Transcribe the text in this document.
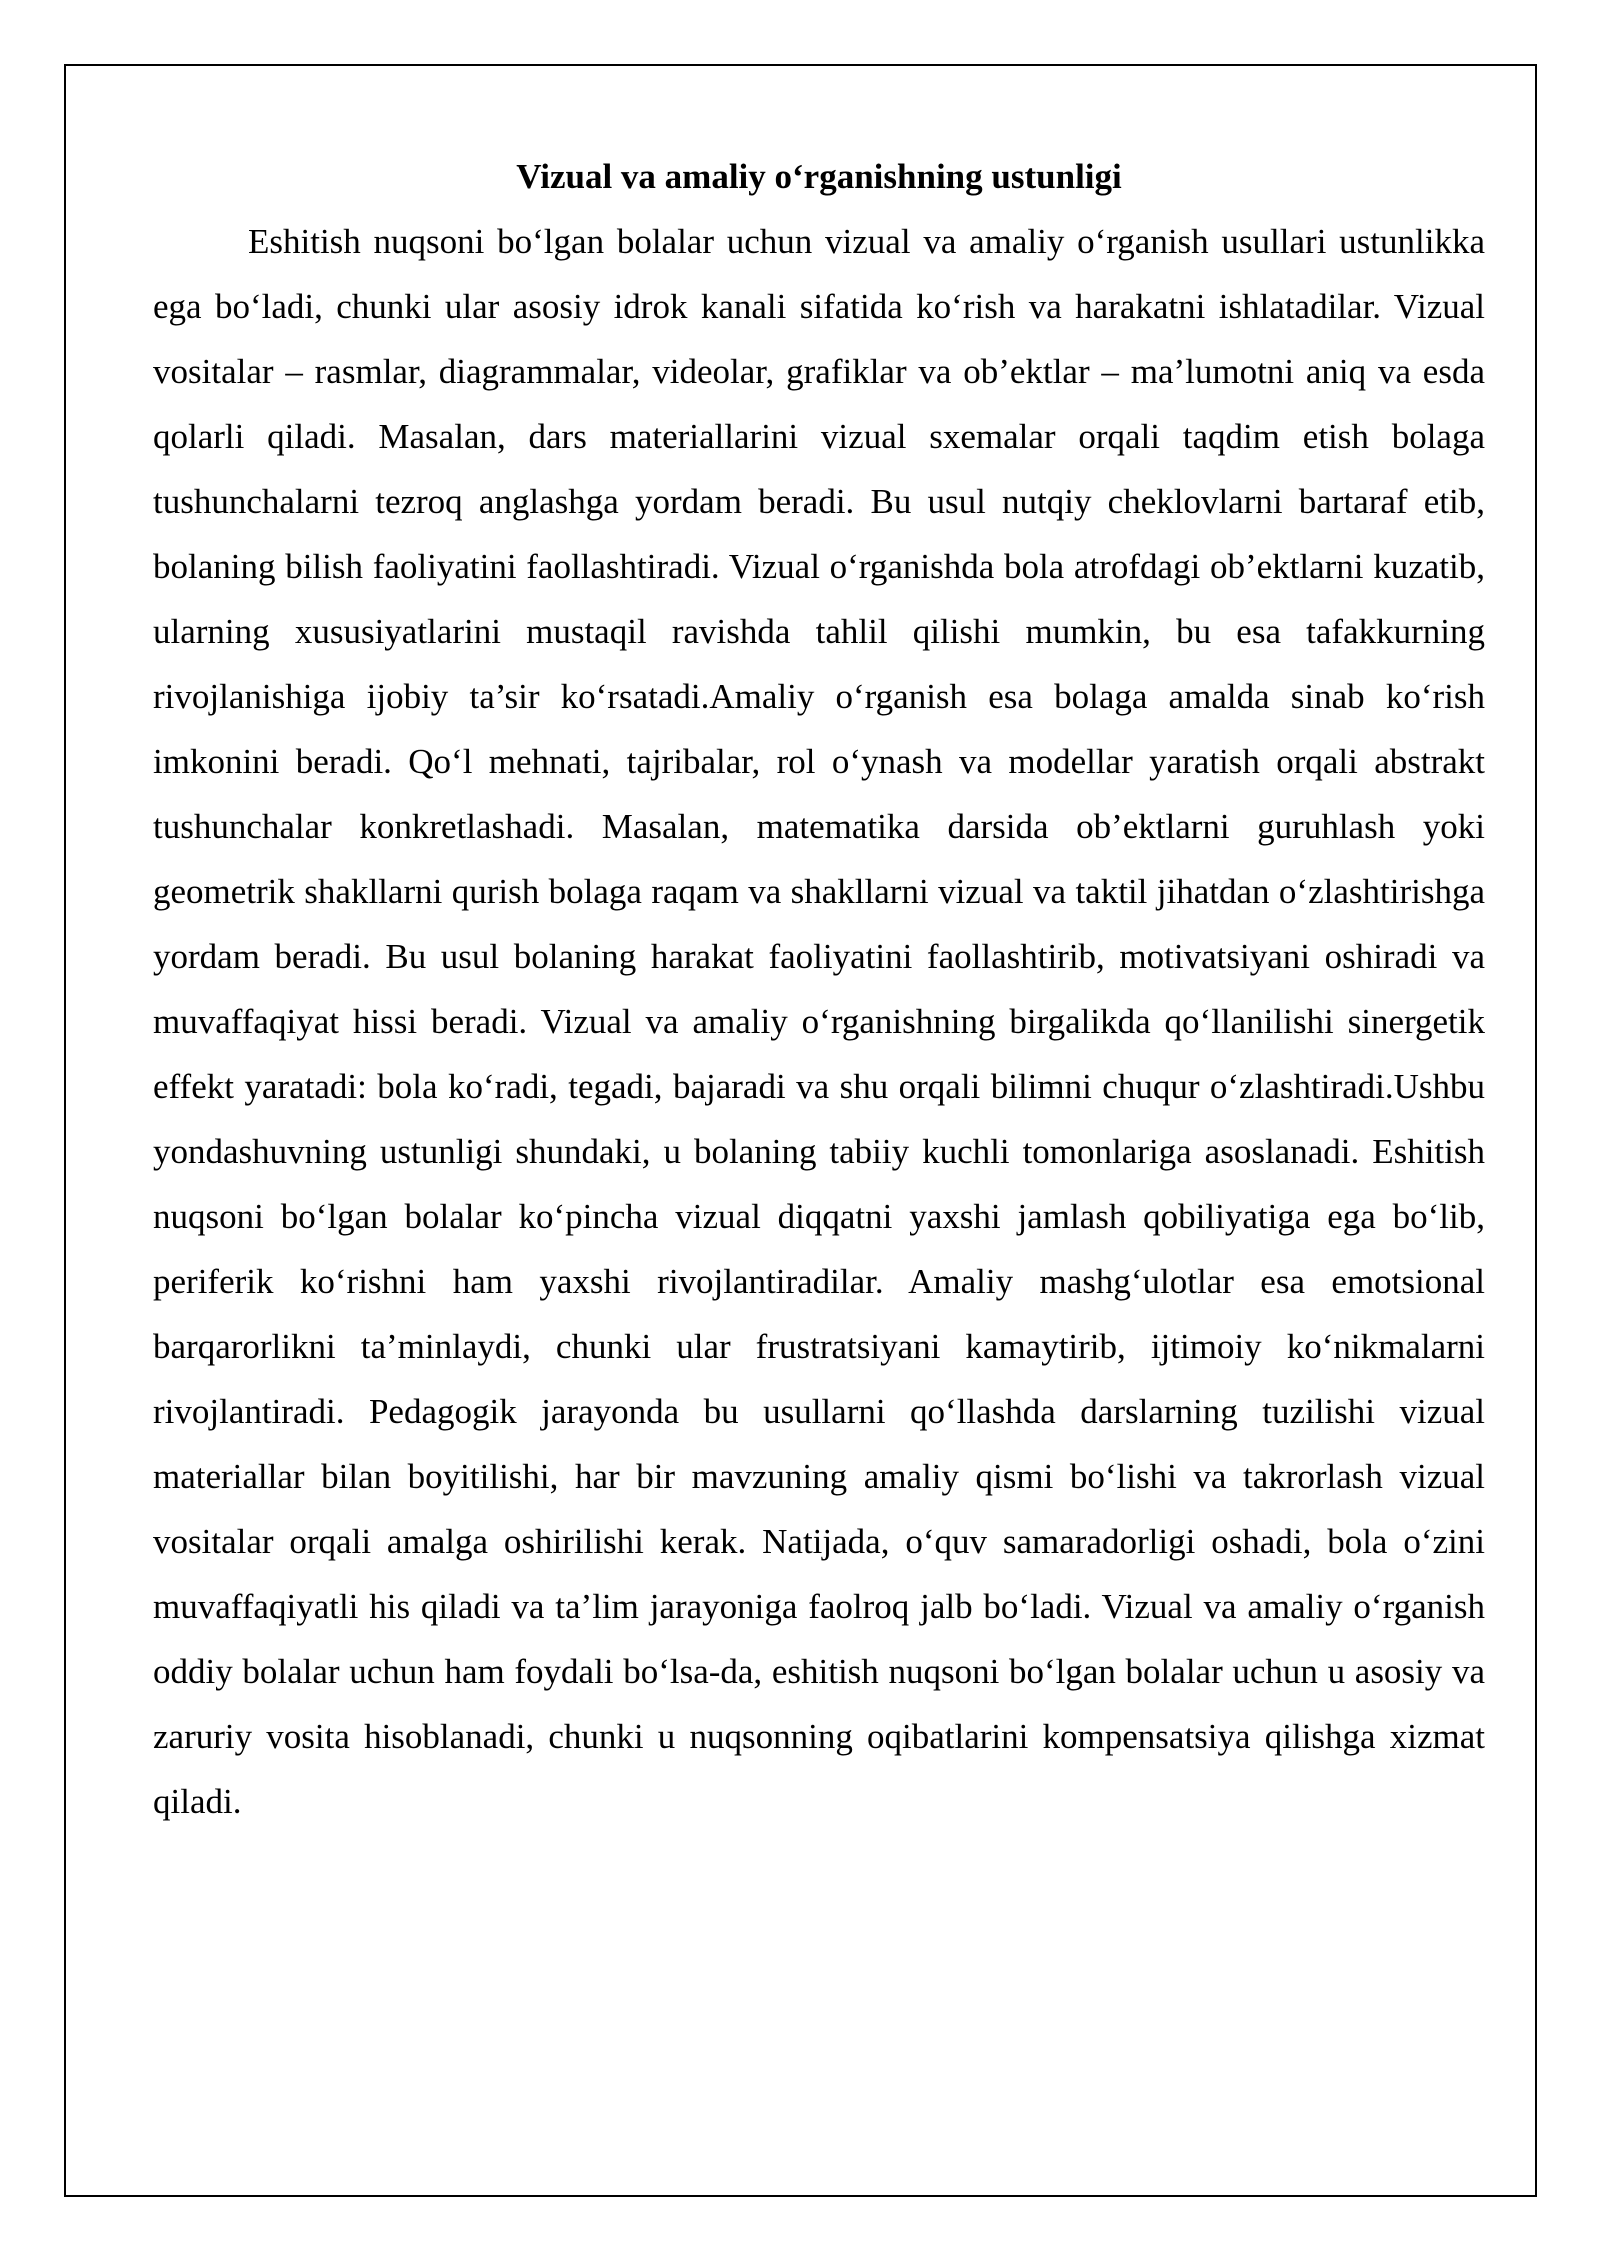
Vizual va amaliy o‘rganishning ustunligi

Eshitish nuqsoni bo‘lgan bolalar uchun vizual va amaliy o‘rganish usullari ustunlikka ega bo‘ladi, chunki ular asosiy idrok kanali sifatida ko‘rish va harakatni ishlatadilar. Vizual vositalar – rasmlar, diagrammalar, videolar, grafiklar va ob’ektlar – ma’lumotni aniq va esda qolarli qiladi. Masalan, dars materiallarini vizual sxemalar orqali taqdim etish bolaga tushunchalarni tezroq anglashga yordam beradi. Bu usul nutqiy cheklovlarni bartaraf etib, bolaning bilish faoliyatini faollashtiradi. Vizual o‘rganishda bola atrofdagi ob’ektlarni kuzatib, ularning xususiyatlarini mustaqil ravishda tahlil qilishi mumkin, bu esa tafakkurning rivojlanishiga ijobiy ta’sir ko‘rsatadi.Amaliy o‘rganish esa bolaga amalda sinab ko‘rish imkonini beradi. Qo‘l mehnati, tajribalar, rol o‘ynash va modellar yaratish orqali abstrakt tushunchalar konkretlashadi. Masalan, matematika darsida ob’ektlarni guruhlash yoki geometrik shakllarni qurish bolaga raqam va shakllarni vizual va taktil jihatdan o‘zlashtirishga yordam beradi. Bu usul bolaning harakat faoliyatini faollashtirib, motivatsiyani oshiradi va muvaffaqiyat hissi beradi. Vizual va amaliy o‘rganishning birgalikda qo‘llanilishi sinergetik effekt yaratadi: bola ko‘radi, tegadi, bajaradi va shu orqali bilimni chuqur o‘zlashtiradi.Ushbu yondashuvning ustunligi shundaki, u bolaning tabiiy kuchli tomonlariga asoslanadi. Eshitish nuqsoni bo‘lgan bolalar ko‘pincha vizual diqqatni yaxshi jamlash qobiliyatiga ega bo‘lib, periferik ko‘rishni ham yaxshi rivojlantiradilar. Amaliy mashg‘ulotlar esa emotsional barqarorlikni ta’minlaydi, chunki ular frustratsiyani kamaytirib, ijtimoiy ko‘nikmalarni rivojlantiradi. Pedagogik jarayonda bu usullarni qo‘llashda darslarning tuzilishi vizual materiallar bilan boyitilishi, har bir mavzuning amaliy qismi bo‘lishi va takrorlash vizual vositalar orqali amalga oshirilishi kerak. Natijada, o‘quv samaradorligi oshadi, bola o‘zini muvaffaqiyatli his qiladi va ta’lim jarayoniga faolroq jalb bo‘ladi. Vizual va amaliy o‘rganish oddiy bolalar uchun ham foydali bo‘lsa-da, eshitish nuqsoni bo‘lgan bolalar uchun u asosiy va zaruriy vosita hisoblanadi, chunki u nuqsonning oqibatlarini kompensatsiya qilishga xizmat qiladi.
